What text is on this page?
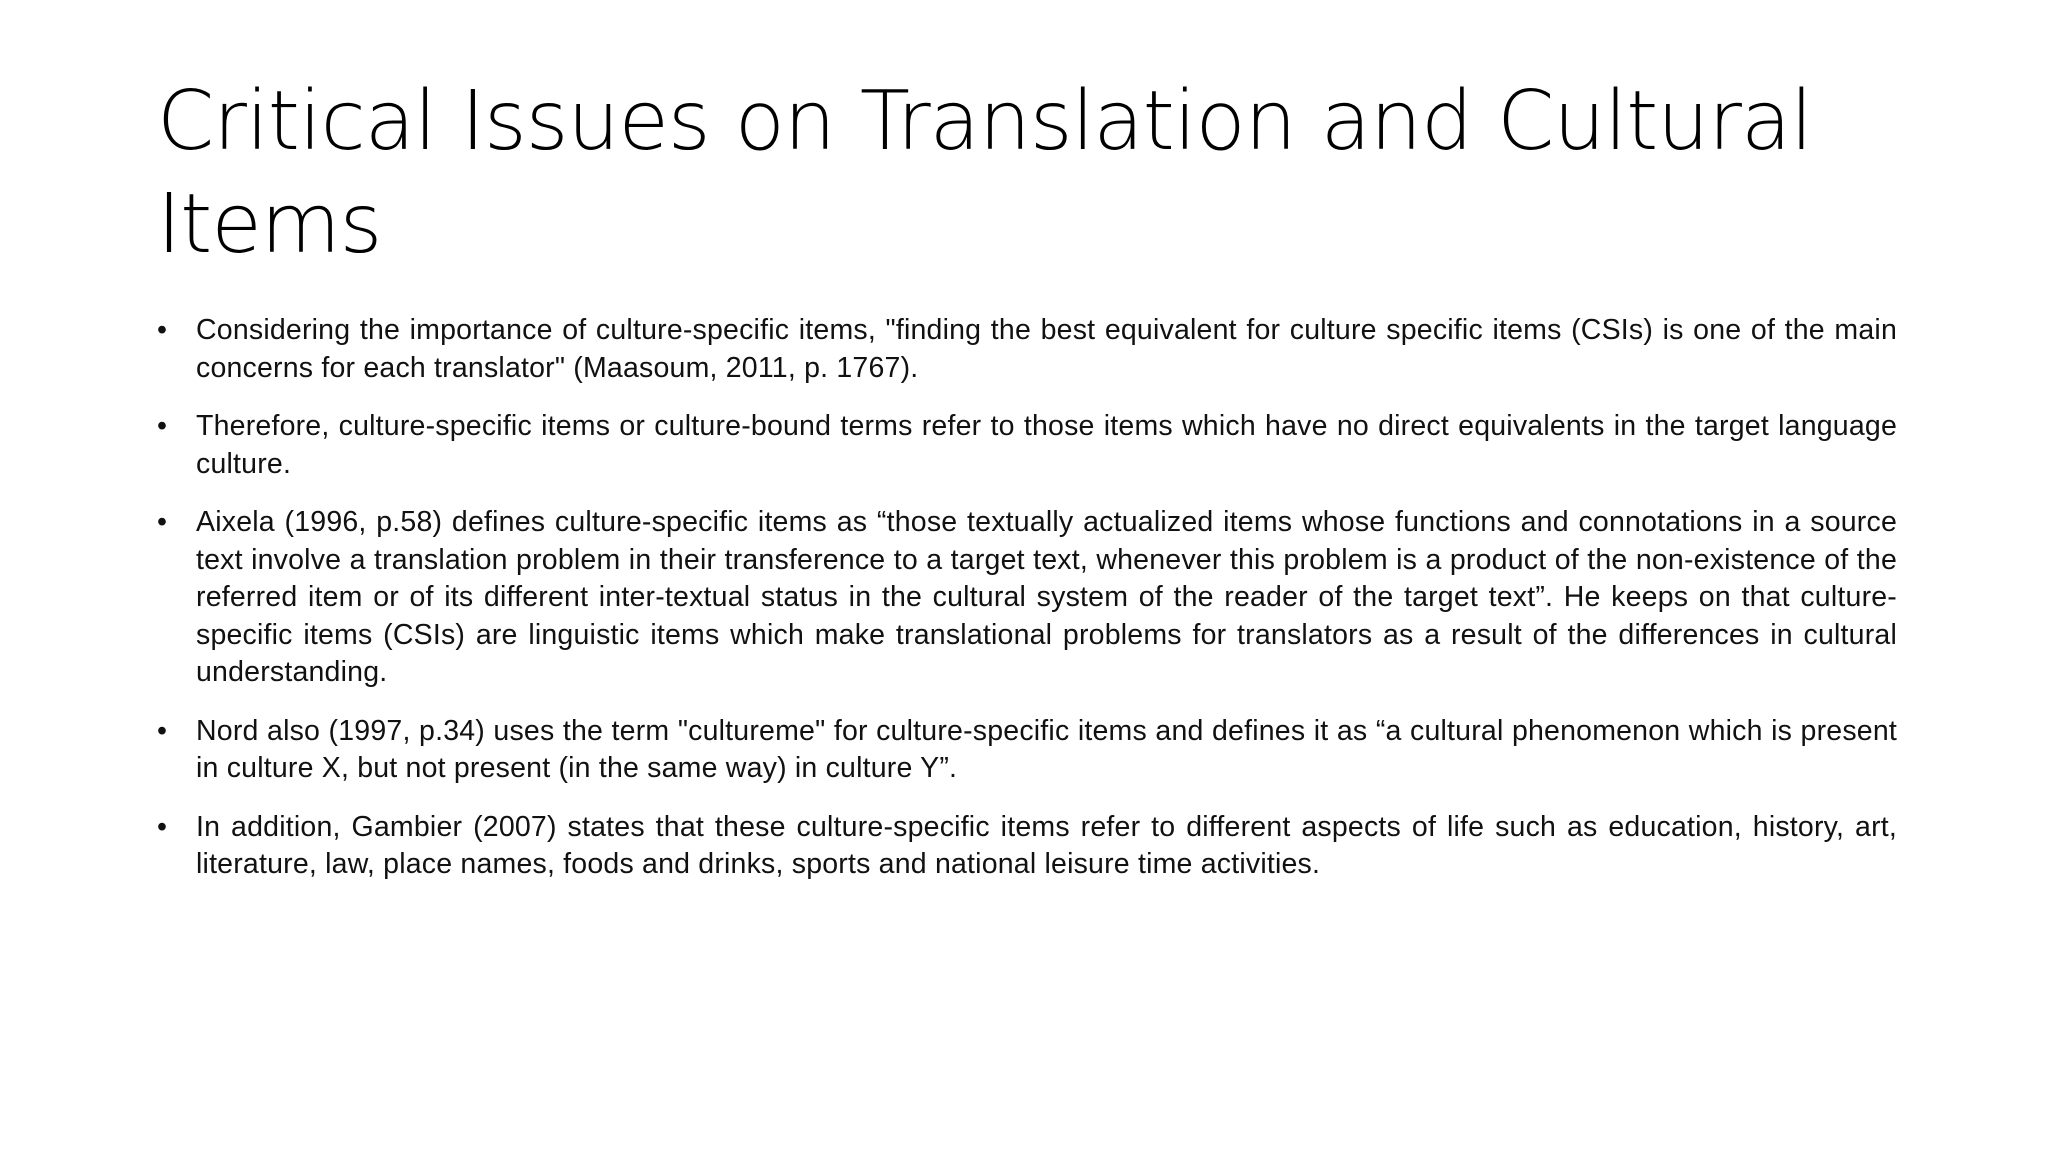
Critical Issues on Translation and Cultural Items
•	Considering the importance of culture-specific items, "finding the best equivalent for culture specific items (CSIs) is one of the main concerns for each translator" (Maasoum, 2011, p. 1767).
•	Therefore, culture-specific items or culture-bound terms refer to those items which have no direct equivalents in the target language culture.
•	Aixela (1996, p.58) defines culture-specific items as “those textually actualized items whose functions and connotations in a source text involve a translation problem in their transference to a target text, whenever this problem is a product of the non-existence of the referred item or of its different inter-textual status in the cultural system of the reader of the target text”. He keeps on that culture-specific items (CSIs) are linguistic items which make translational problems for translators as a result of the differences in cultural understanding.
•	Nord also (1997, p.34) uses the term "cultureme" for culture-specific items and defines it as “a cultural phenomenon which is present in culture X, but not present (in the same way) in culture Y”.
•	In addition, Gambier (2007) states that these culture-specific items refer to different aspects of life such as education, history, art, literature, law, place names, foods and drinks, sports and national leisure time activities.
